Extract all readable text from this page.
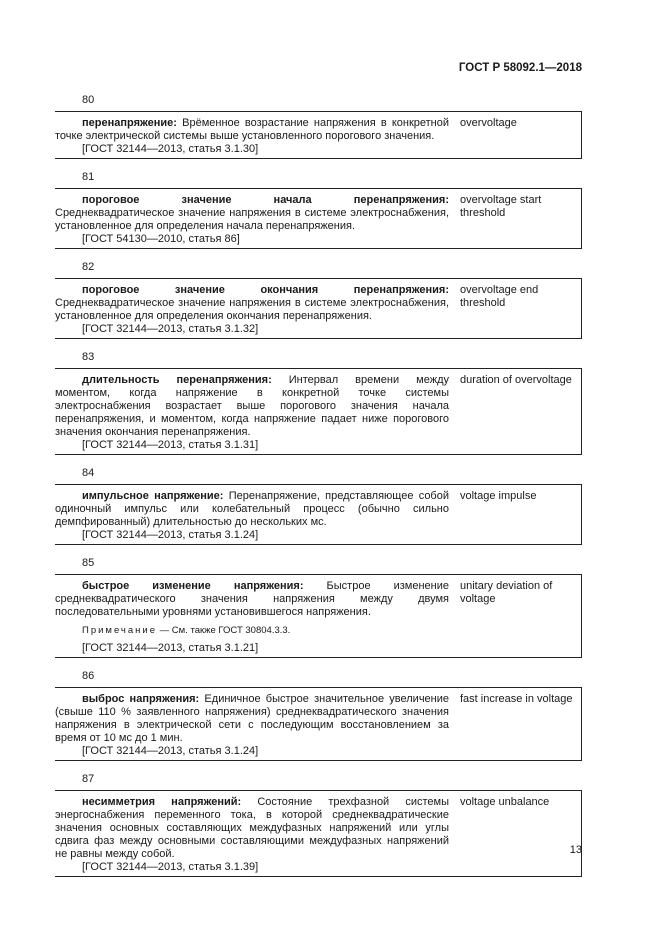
ГОСТ Р 58092.1—2018
80
перенапряжение: Врёменное возрастание напряжения в конкретной точке электрической системы выше установленного порогового значения.
[ГОСТ 32144—2013, статья 3.1.30]
overvoltage
81
пороговое значение начала перенапряжения: Среднеквадратическое значение напряжения в системе электроснабжения, установленное для определения начала перенапряжения.
[ГОСТ 54130—2010, статья 86]
overvoltage start threshold
82
пороговое значение окончания перенапряжения: Среднеквадратическое значение напряжения в системе электроснабжения, установленное для определения окончания перенапряжения.
[ГОСТ 32144—2013, статья 3.1.32]
overvoltage end threshold
83
длительность перенапряжения: Интервал времени между моментом, когда напряжение в конкретной точке системы электроснабжения возрастает выше порогового значения начала перенапряжения, и моментом, когда напряжение падает ниже порогового значения окончания перенапряжения.
[ГОСТ 32144—2013, статья 3.1.31]
duration of overvoltage
84
импульсное напряжение: Перенапряжение, представляющее собой одиночный импульс или колебательный процесс (обычно сильно демпфированный) длительностью до нескольких мс.
[ГОСТ 32144—2013, статья 3.1.24]
voltage impulse
85
быстрое изменение напряжения: Быстрое изменение среднеквадратического значения напряжения между двумя последовательными уровнями установившегося напряжения.
Примечание — См. также ГОСТ 30804.3.3.
[ГОСТ 32144—2013, статья 3.1.21]
unitary deviation of voltage
86
выброс напряжения: Единичное быстрое значительное увеличение (свыше 110 % заявленного напряжения) среднеквадратического значения напряжения в электрической сети с последующим восстановлением за время от 10 мс до 1 мин.
[ГОСТ 32144—2013, статья 3.1.24]
fast increase in voltage
87
несимметрия напряжений: Состояние трехфазной системы энергоснабжения переменного тока, в которой среднеквадратические значения основных составляющих междуфазных напряжений или углы сдвига фаз между основными составляющими междуфазных напряжений не равны между собой.
[ГОСТ 32144—2013, статья 3.1.39]
voltage unbalance
13
